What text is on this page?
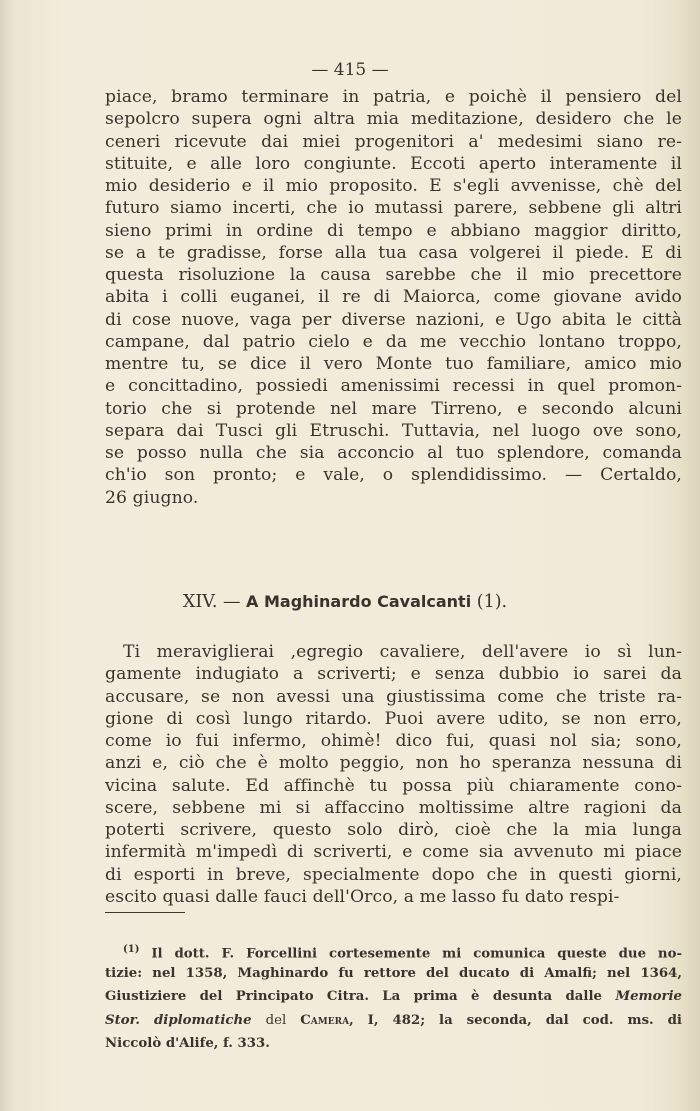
— 415 —
piace, bramo terminare in patria, e poichè il pensiero del
sepolcro supera ogni altra mia meditazione, desidero che le
ceneri ricevute dai miei progenitori a' medesimi siano re-
stituite, e alle loro congiunte. Eccoti aperto interamente il
mio desiderio e il mio proposito. E s'egli avvenisse, chè del
futuro siamo incerti, che io mutassi parere, sebbene gli altri
sieno primi in ordine di tempo e abbiano maggior diritto,
se a te gradisse, forse alla tua casa volgerei il piede. E di
questa risoluzione la causa sarebbe che il mio precettore
abita i colli euganei, il re di Maiorca, come giovane avido
di cose nuove, vaga per diverse nazioni, e Ugo abita le città
campane, dal patrio cielo e da me vecchio lontano troppo,
mentre tu, se dice il vero Monte tuo familiare, amico mio
e concittadino, possiedi amenissimi recessi in quel promon-
torio che si protende nel mare Tirreno, e secondo alcuni
separa dai Tusci gli Etruschi. Tuttavia, nel luogo ove sono,
se posso nulla che sia acconcio al tuo splendore, comanda
ch'io son pronto; e vale, o splendidissimo. — Certaldo,
26 giugno.
XIV. — A Maghinardo Cavalcanti (1).
Ti meraviglierai ,egregio cavaliere, dell'avere io sì lun-
gamente indugiato a scriverti; e senza dubbio io sarei da
accusare, se non avessi una giustissima come che triste ra-
gione di così lungo ritardo. Puoi avere udito, se non erro,
come io fui infermo, ohimè! dico fui, quasi nol sia; sono,
anzi e, ciò che è molto peggio, non ho speranza nessuna di
vicina salute. Ed affinchè tu possa più chiaramente cono-
scere, sebbene mi si affaccino moltissime altre ragioni da
poterti scrivere, questo solo dirò, cioè che la mia lunga
infermità m'impedì di scriverti, e come sia avvenuto mi piace
di esporti in breve, specialmente dopo che in questi giorni,
escito quasi dalle fauci dell'Orco, a me lasso fu dato respi-
$^{(1)}$ Il dott. F. Forcellini cortesemente mi comunica queste due no-
tizie: nel 1358, Maghinardo fu rettore del ducato di Amalfi; nel 1364,
Giustiziere del Principato Citra. La prima è desunta dalle Memorie
Stor. diplomatiche del Camera, I, 482; la seconda, dal cod. ms. di
Niccolò d'Alife, f. 333.
